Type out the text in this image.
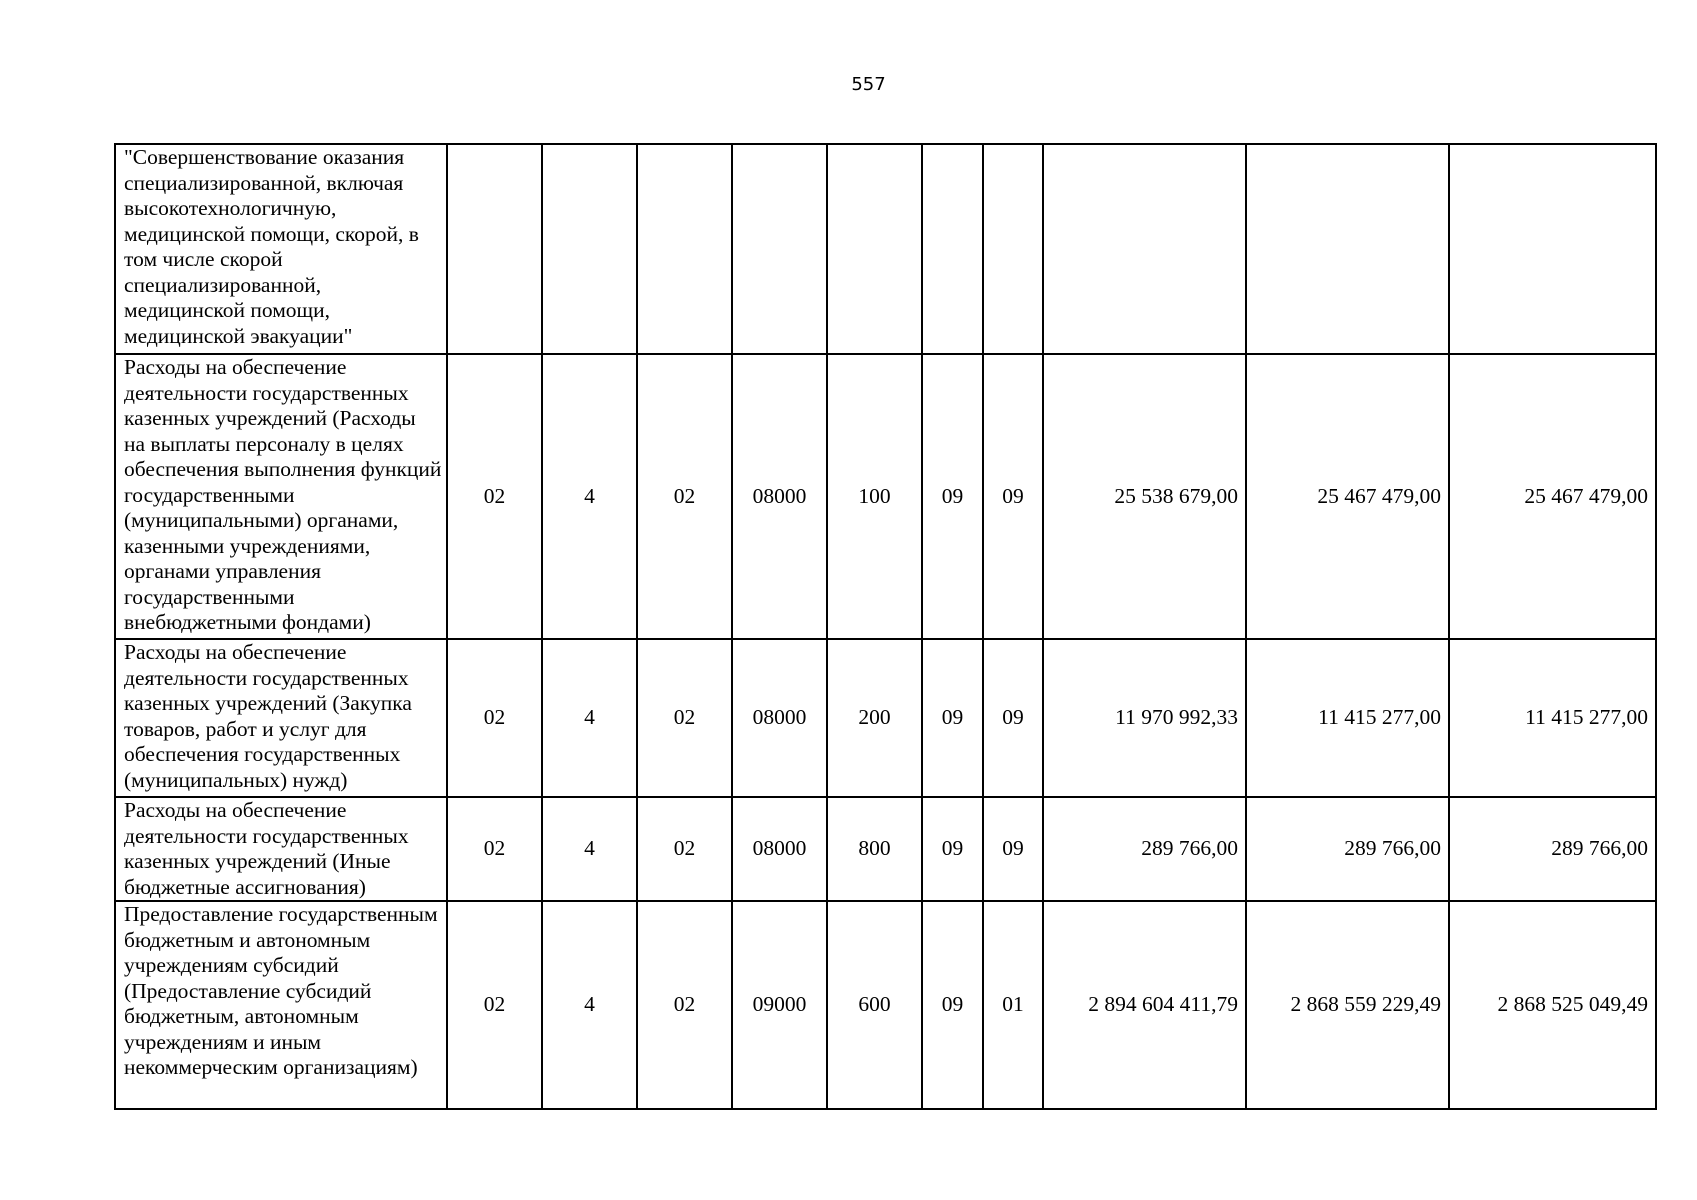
557
"Совершенствование оказания специализированной, включая высокотехнологичную, медицинской помощи, скорой, в том числе скорой специализированной, медицинской помощи, медицинской эвакуации"										
Расходы на обеспечение деятельности государственных казенных учреждений (Расходы на выплаты персоналу в целях обеспечения выполнения функций государственными (муниципальными) органами, казенными учреждениями, органами управления государственными внебюджетными фондами)	02	4	02	08000	100	09	09	25 538 679,00	25 467 479,00	25 467 479,00
Расходы на обеспечение деятельности государственных казенных учреждений (Закупка товаров, работ и услуг для обеспечения государственных (муниципальных) нужд)	02	4	02	08000	200	09	09	11 970 992,33	11 415 277,00	11 415 277,00
Расходы на обеспечение деятельности государственных казенных учреждений (Иные бюджетные ассигнования)	02	4	02	08000	800	09	09	289 766,00	289 766,00	289 766,00
Предоставление государственным бюджетным и автономным учреждениям субсидий (Предоставление субсидий бюджетным, автономным учреждениям и иным некоммерческим организациям)	02	4	02	09000	600	09	01	2 894 604 411,79	2 868 559 229,49	2 868 525 049,49
